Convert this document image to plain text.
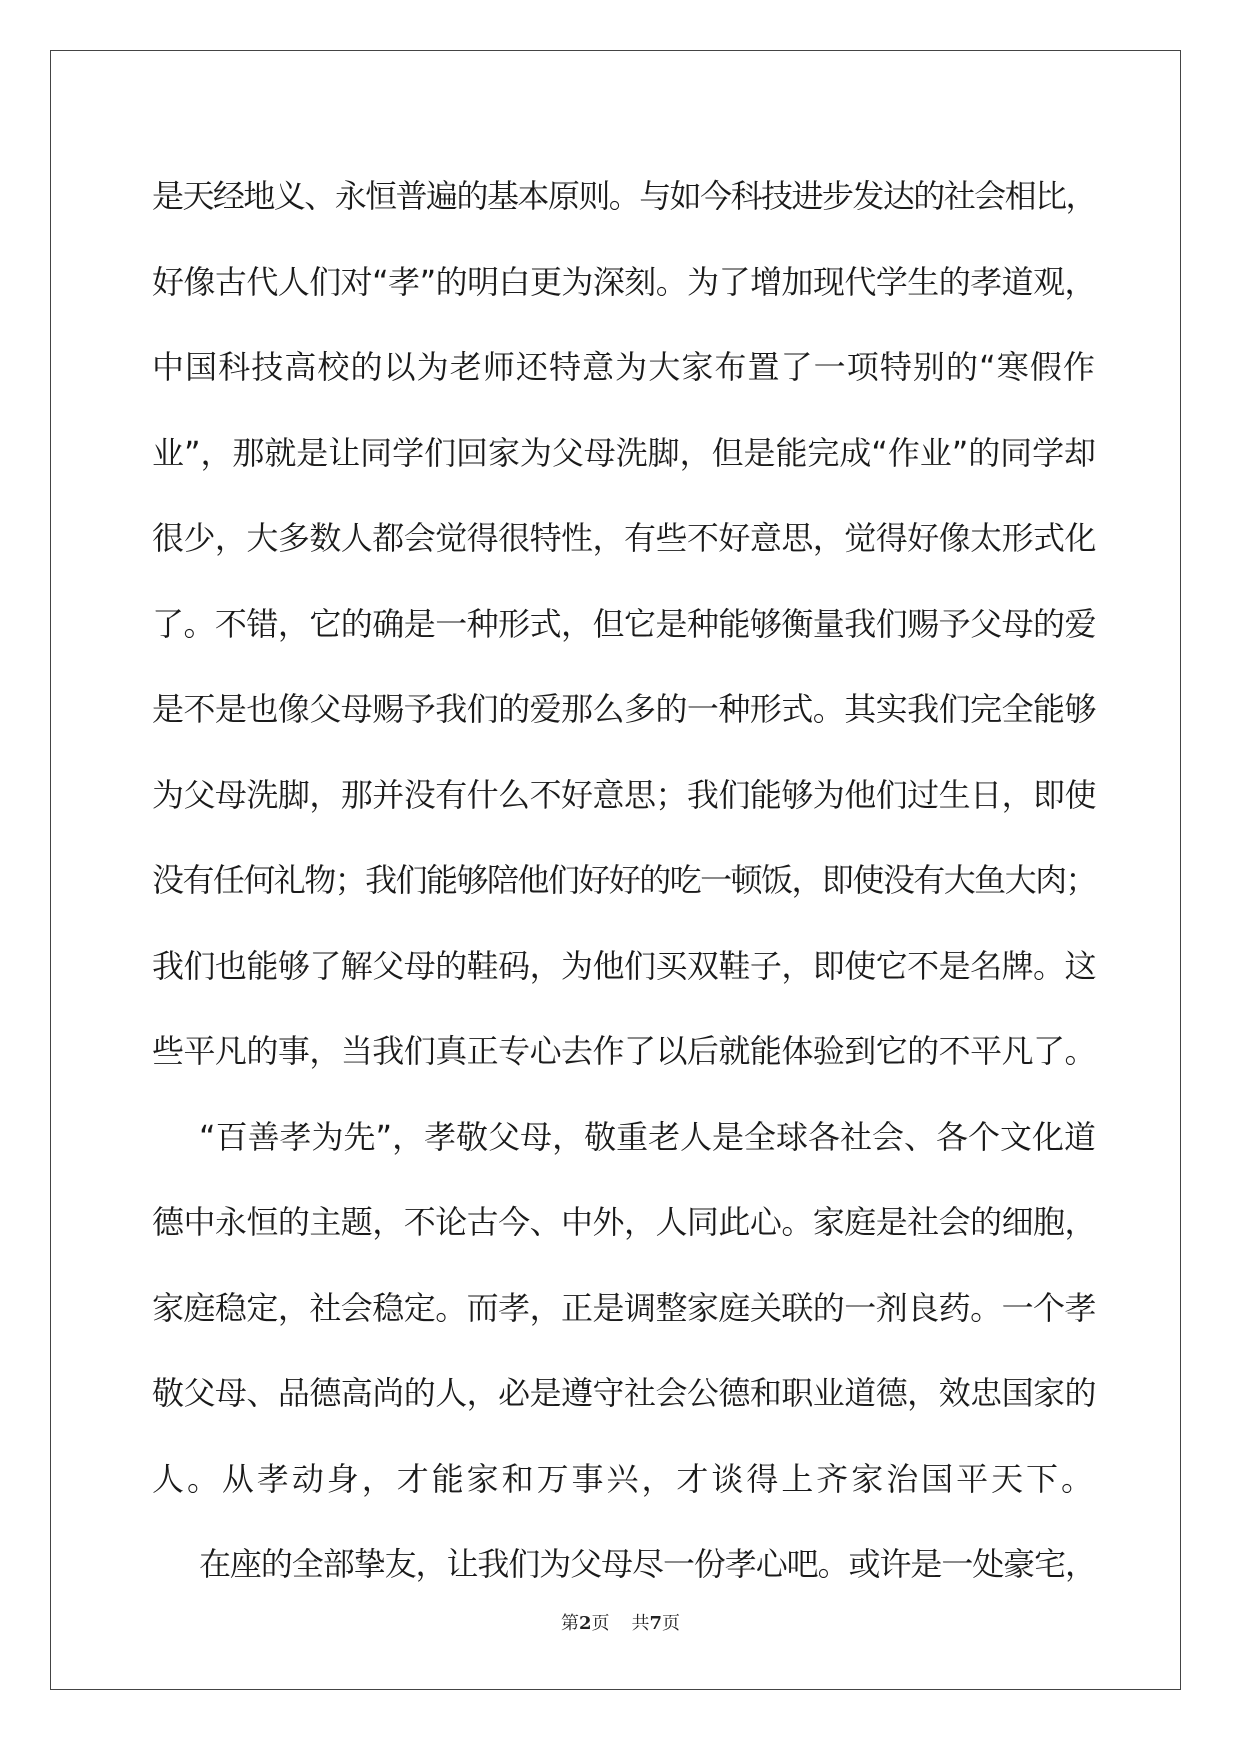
是天经地义、永恒普遍的基本原则。与如今科技进步发达的社会相比，
好像古代人们对“孝”的明白更为深刻。为了增加现代学生的孝道观，
中国科技高校的以为老师还特意为大家布置了一项特别的“寒假作
业”，那就是让同学们回家为父母洗脚，但是能完成“作业”的同学却
很少，大多数人都会觉得很特性，有些不好意思，觉得好像太形式化
了。不错，它的确是一种形式，但它是种能够衡量我们赐予父母的爱
是不是也像父母赐予我们的爱那么多的一种形式。其实我们完全能够
为父母洗脚，那并没有什么不好意思；我们能够为他们过生日，即使
没有任何礼物；我们能够陪他们好好的吃一顿饭，即使没有大鱼大肉；
我们也能够了解父母的鞋码，为他们买双鞋子，即使它不是名牌。这
些平凡的事，当我们真正专心去作了以后就能体验到它的不平凡了。
“百善孝为先”，孝敬父母，敬重老人是全球各社会、各个文化道
德中永恒的主题，不论古今、中外，人同此心。家庭是社会的细胞，
家庭稳定，社会稳定。而孝，正是调整家庭关联的一剂良药。一个孝
敬父母、品德高尚的人，必是遵守社会公德和职业道德，效忠国家的
人。从孝动身，才能家和万事兴，才谈得上齐家治国平天下。
在座的全部挚友，让我们为父母尽一份孝心吧。或许是一处豪宅，
第2页 共7页
